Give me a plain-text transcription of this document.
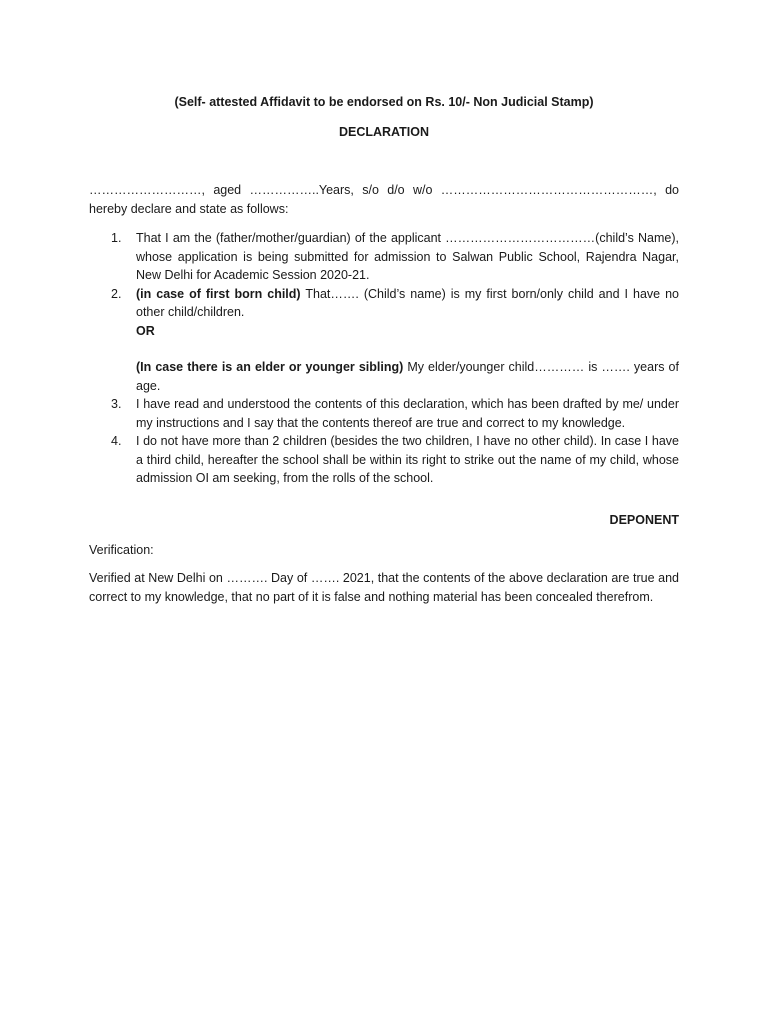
(Self- attested Affidavit to be endorsed on Rs. 10/- Non Judicial Stamp)
DECLARATION
………………………, aged ……………..Years, s/o d/o w/o ……………………………………………, do hereby declare and state as follows:
1. That I am the (father/mother/guardian) of the applicant ………………………………(child’s Name), whose application is being submitted for admission to Salwan Public School, Rajendra Nagar, New Delhi for Academic Session 2020-21.
2. (in case of first born child) That……. (Child’s name) is my first born/only child and I have no other child/children.
OR
(In case there is an elder or younger sibling) My elder/younger child………… is ……. years of age.
3. I have read and understood the contents of this declaration, which has been drafted by me/ under my instructions and I say that the contents thereof are true and correct to my knowledge.
4. I do not have more than 2 children (besides the two children, I have no other child). In case I have a third child, hereafter the school shall be within its right to strike out the name of my child, whose admission OI am seeking, from the rolls of the school.
DEPONENT
Verification:
Verified at New Delhi on ………. Day of ……. 2021, that the contents of the above declaration are true and correct to my knowledge, that no part of it is false and nothing material has been concealed therefrom.
